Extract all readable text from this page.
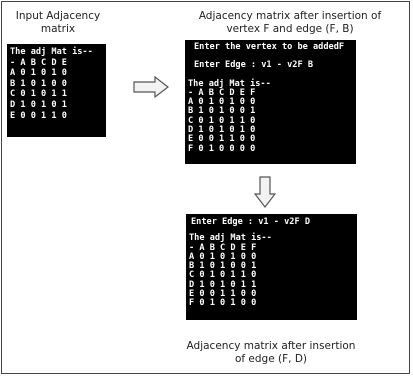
Input Adjacency
matrix
Adjacency matrix after insertion of
vertex F and edge (F, B)
Adjacency matrix after insertion
of edge (F, D)
The adj Mat is--
- A B C D E
A 0 1 0 1 0
B 1 0 1 0 0
C 0 1 0 1 1
D 1 0 1 0 1
E 0 0 1 1 0
Enter the vertex to be addedF
Enter Edge : v1 - v2F B
The adj Mat is--
- A B C D E F
A 0 1 0 1 0 0
B 1 0 1 0 0 1
C 0 1 0 1 1 0
D 1 0 1 0 1 0
E 0 0 1 1 0 0
F 0 1 0 0 0 0
Enter Edge : v1 - v2F D
The adj Mat is--
- A B C D E F
A 0 1 0 1 0 0
B 1 0 1 0 0 1
C 0 1 0 1 1 0
D 1 0 1 0 1 1
E 0 0 1 1 0 0
F 0 1 0 1 0 0
